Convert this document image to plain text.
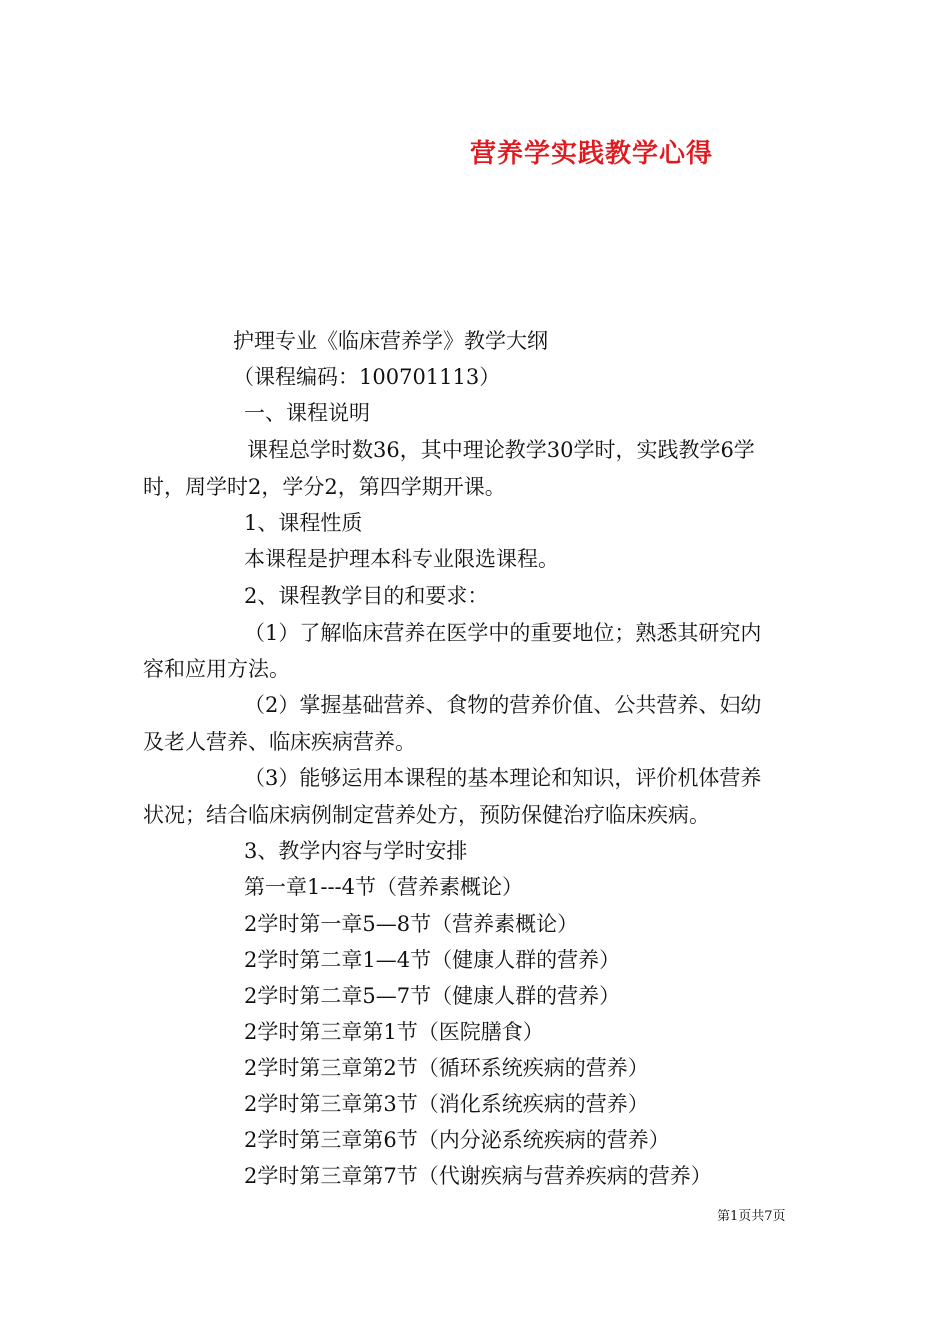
营养学实践教学心得
护理专业《临床营养学》教学大纲
（课程编码：100701113）
一、课程说明
课程总学时数36，其中理论教学30学时，实践教学6学
时，周学时2，学分2，第四学期开课。
1、课程性质
本课程是护理本科专业限选课程。
2、课程教学目的和要求：
（1）了解临床营养在医学中的重要地位；熟悉其研究内
容和应用方法。
（2）掌握基础营养、食物的营养价值、公共营养、妇幼
及老人营养、临床疾病营养。
（3）能够运用本课程的基本理论和知识，评价机体营养
状况；结合临床病例制定营养处方，预防保健治疗临床疾病。
3、教学内容与学时安排
第一章1---4节（营养素概论）
2学时第一章5—8节（营养素概论）
2学时第二章1—4节（健康人群的营养）
2学时第二章5—7节（健康人群的营养）
2学时第三章第1节（医院膳食）
2学时第三章第2节（循环系统疾病的营养）
2学时第三章第3节（消化系统疾病的营养）
2学时第三章第6节（内分泌系统疾病的营养）
2学时第三章第7节（代谢疾病与营养疾病的营养）
第1页共7页
